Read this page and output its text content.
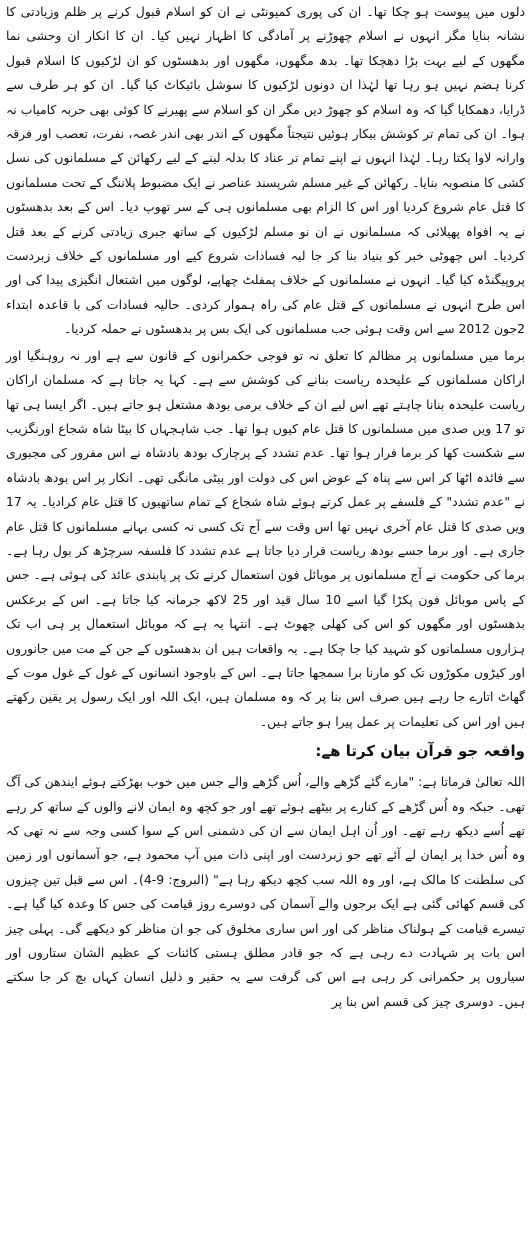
دلوں میں پیوست ہو چکا تھا۔ ان کی پوری کمیونٹی نے ان کو اسلام قبول کرنے پر ظلم وزیادتی کا نشانہ بنایا مگر انہوں نے اسلام چھوڑنے پر آمادگی کا اظہار نہیں کیا۔ ان کا انکار ان وحشی نما مگھوں کے لیے بہت بڑا دھچکا تھا۔ بدھ مگھوں، مگھوں اور بدھسٹوں کو ان لڑکیوں کا اسلام قبول کرنا ہضم نہیں ہو رہا تھا لہٰذا ان دونوں لڑکیوں کا سوشل بائیکاٹ کیا گیا۔ ان کو ہر طرف سے ڈرایا، دھمکایا گیا کہ وہ اسلام کو چھوڑ دیں مگر ان کو اسلام سے پھیرنے کا کوئی بھی حربہ کامیاب نہ ہوا۔ ان کی تمام تر کوشش بیکار ہوئیں نتیجتاً مگھوں کے اندر بھی اندر غصہ، نفرت، تعصب اور فرقہ وارانہ لاوا پکتا رہا۔ لہٰذا انہوں نے اپنے تمام تر عناد کا بدلہ لینے کے لیے رکھائن کے مسلمانوں کی نسل کشی کا منصوبہ بنایا۔ رکھائن کے غیر مسلم شرپسند عناصر نے ایک مضبوط پلاننگ کے تحت مسلمانوں کا قتل عام شروع کردیا اور اس کا الزام بھی مسلمانوں ہی کے سر تھوپ دیا۔ اس کے بعد بدھسٹوں نے یہ افواہ پھیلائی کہ مسلمانوں نے ان نو مسلم لڑکیوں کے ساتھ جبری زیادتی کرنے کے بعد قتل کردیا۔ اس چھوٹی خبر کو بنیاد بنا کر جا لیہ فسادات شروع کیے اور مسلمانوں کے خلاف زبردست پروپیگنڈہ کیا گیا۔ انہوں نے مسلمانوں کے خلاف پمفلٹ چھاپے، لوگوں میں اشتعال انگیزی پیدا کی اور اس طرح انہوں نے مسلمانوں کے قتل عام کی راہ ہموار کردی۔ حالیہ فسادات کی با قاعدہ ابتداء 2جون 2012 سے اس وقت ہوئی جب مسلمانوں کی ایک بس پر بدھسٹوں نے حملہ کردیا۔

برما میں مسلمانوں پر مظالم کا تعلق نہ تو فوجی حکمرانوں کے قانون سے ہے اور نہ روہنگیا اور اراکان مسلمانوں کے علیحدہ ریاست بنانے کی کوشش سے ہے۔ کہا یہ جاتا ہے کہ مسلمان اراکان ریاست علیحدہ بنانا چاہتے تھے اس لیے ان کے خلاف برمی بودھ مشتعل ہو جاتے ہیں۔ اگر ایسا ہی تھا تو 17 ویں صدی میں مسلمانوں کا قتل عام کیوں ہوا تھا۔ جب شاہجہاں کا بیٹا شاہ شجاع اورنگزیب سے شکست کھا کر برما فرار ہوا تھا۔ عدم تشدد کے پرچارک بودھ بادشاہ نے اس مفرور کی مجبوری سے فائدہ اٹھا کر اس سے پناہ کے عوض اس کی دولت اور بیٹی مانگی تھی۔ انکار پر اس بودھ بادشاہ نے "عدم تشدد" کے فلسفے پر عمل کرتے ہوئے شاہ شجاع کے تمام ساتھیوں کا قتل عام کرادیا۔ یہ 17 ویں صدی کا قتل عام آخری نہیں تھا اس وقت سے آج تک کسی نہ کسی بہانے مسلمانوں کا قتل عام جاری ہے۔ اور برما جسے بودھ ریاست قرار دیا جاتا ہے عدم تشدد کا فلسفہ سرچڑھ کر بول رہا ہے۔ برما کی حکومت نے آج مسلمانوں پر موبائل فون استعمال کرنے تک پر پابندی عائد کی ہوئی ہے۔ جس کے پاس موبائل فون پکڑا گیا اسے 10 سال قید اور 25 لاکھ جرمانہ کیا جاتا ہے۔ اس کے برعکس بدھسٹوں اور مگھوں کو اس کی کھلی چھوٹ ہے۔ انتہا یہ ہے کہ موبائل استعمال پر ہی اب تک ہزاروں مسلمانوں کو شہید کیا جا چکا ہے۔ یہ واقعات ہیں ان بدھسٹوں کے جن کے مت میں جانوروں اور کیڑوں مکوڑوں تک کو مارنا برا سمجھا جاتا ہے۔ اس کے باوجود انسانوں کے غول کے غول موت کے گھاٹ اتارے جا رہے ہیں صرف اس بنا پر کہ وہ مسلمان ہیں، ایک اللہ اور ایک رسول پر یقین رکھتے ہیں اور اس کی تعلیمات پر عمل پیرا ہو جاتے ہیں۔

واقعہ جو قرآن بیان کرتا ھے:

اللہ تعالیٰ فرماتا ہے: "مارے گئے گڑھے والے، اُس گڑھے والے جس میں خوب بھڑکتے ہوئے ایندھن کی آگ تھی۔ جبکہ وہ اُس گڑھے کے کنارے پر بیٹھے ہوئے تھے اور جو کچھ وہ ایمان لانے والوں کے ساتھ کر رہے تھے اُسے دیکھ رہے تھے۔ اور اُن اہل ایمان سے ان کی دشمنی اس کے سوا کسی وجہ سے نہ تھی کہ وہ اُس خدا پر ایمان لے آئے تھے جو زبردست اور اپنی ذات میں آپ محمود ہے، جو آسمانوں اور زمین کی سلطنت کا مالک ہے، اور وہ اللہ سب کچھ دیکھ رہا ہے" (البروج: 9-4)۔ اس سے قبل تین چیزوں کی قسم کھائی گئی ہے ایک برجوں والے آسمان کی دوسرے روز قیامت کی جس کا وعدہ کیا گیا ہے۔ تیسرے قیامت کے ہولناک مناظر کی اور اس ساری مخلوق کی جو ان مناظر کو دیکھے گی۔ پہلی چیز اس بات پر شہادت دے رہی ہے کہ جو قادر مطلق ہستی کائنات کے عظیم الشان ستاروں اور سیاروں پر حکمرانی کر رہی ہے اس کی گرفت سے یہ حقیر و ذلیل انسان کہاں بچ کر جا سکتے ہیں۔ دوسری چیز کی قسم اس بنا پر
